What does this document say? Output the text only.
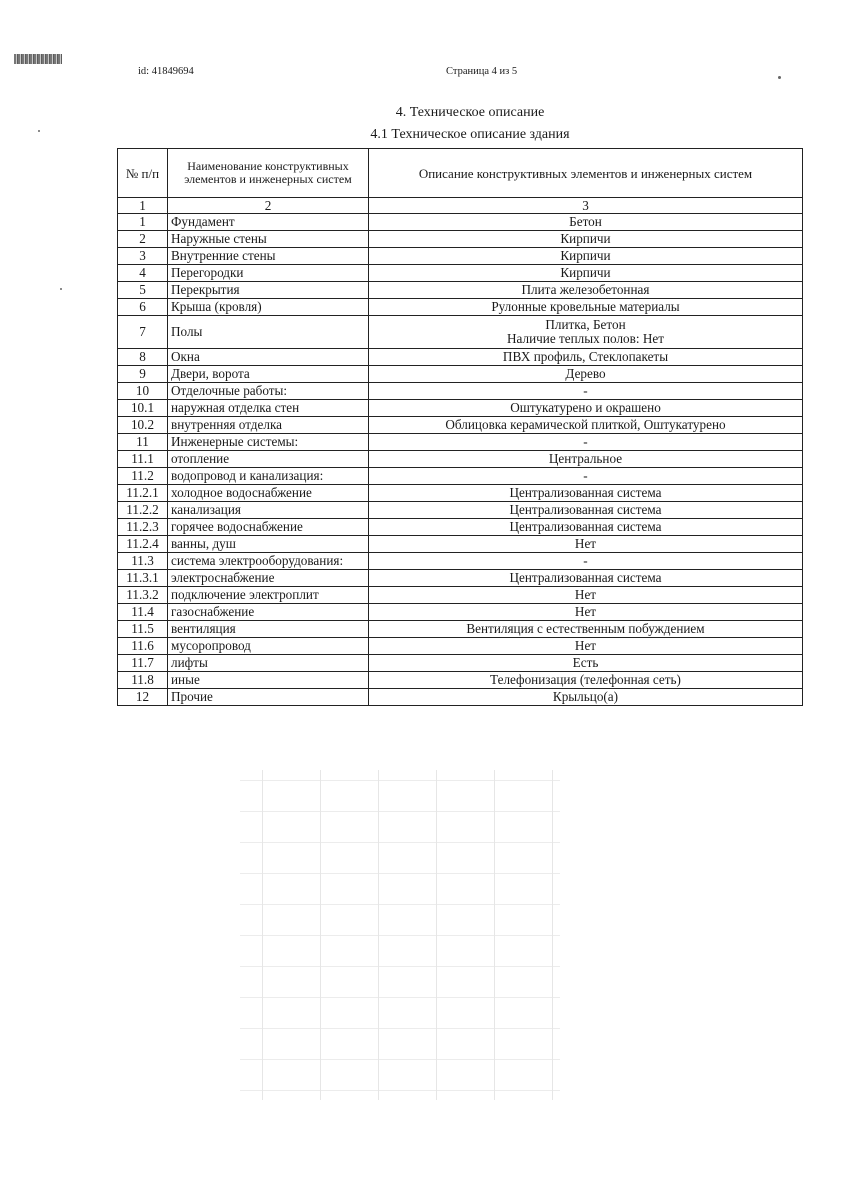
id: 41849694	Страница 4 из 5
4. Техническое описание
4.1 Техническое описание здания
№ п/п	Наименование конструктивных элементов и инженерных систем	Описание конструктивных элементов и инженерных систем
1	2	3
1	Фундамент	Бетон
2	Наружные стены	Кирпичи
3	Внутренние стены	Кирпичи
4	Перегородки	Кирпичи
5	Перекрытия	Плита железобетонная
6	Крыша (кровля)	Рулонные кровельные материалы
7	Полы	Плитка, Бетон
Наличие теплых полов: Нет

8	Окна	ПВХ профиль, Стеклопакеты
9	Двери, ворота	Дерево
10	Отделочные работы:	-
10.1	наружная отделка стен	Оштукатурено и окрашено
10.2	внутренняя отделка	Облицовка керамической плиткой, Оштукатурено
11	Инженерные системы:	-
11.1	отопление	Центральное
11.2	водопровод и канализация:	-
11.2.1	холодное водоснабжение	Централизованная система
11.2.2	канализация	Централизованная система
11.2.3	горячее водоснабжение	Централизованная система
11.2.4	ванны, душ	Нет
11.3	система электрооборудования:	-
11.3.1	электроснабжение	Централизованная система
11.3.2	подключение электроплит	Нет
11.4	газоснабжение	Нет
11.5	вентиляция	Вентиляция с естественным побуждением
11.6	мусоропровод	Нет
11.7	лифты	Есть
11.8	иные	Телефонизация (телефонная сеть)
12	Прочие	Крыльцо(а)
